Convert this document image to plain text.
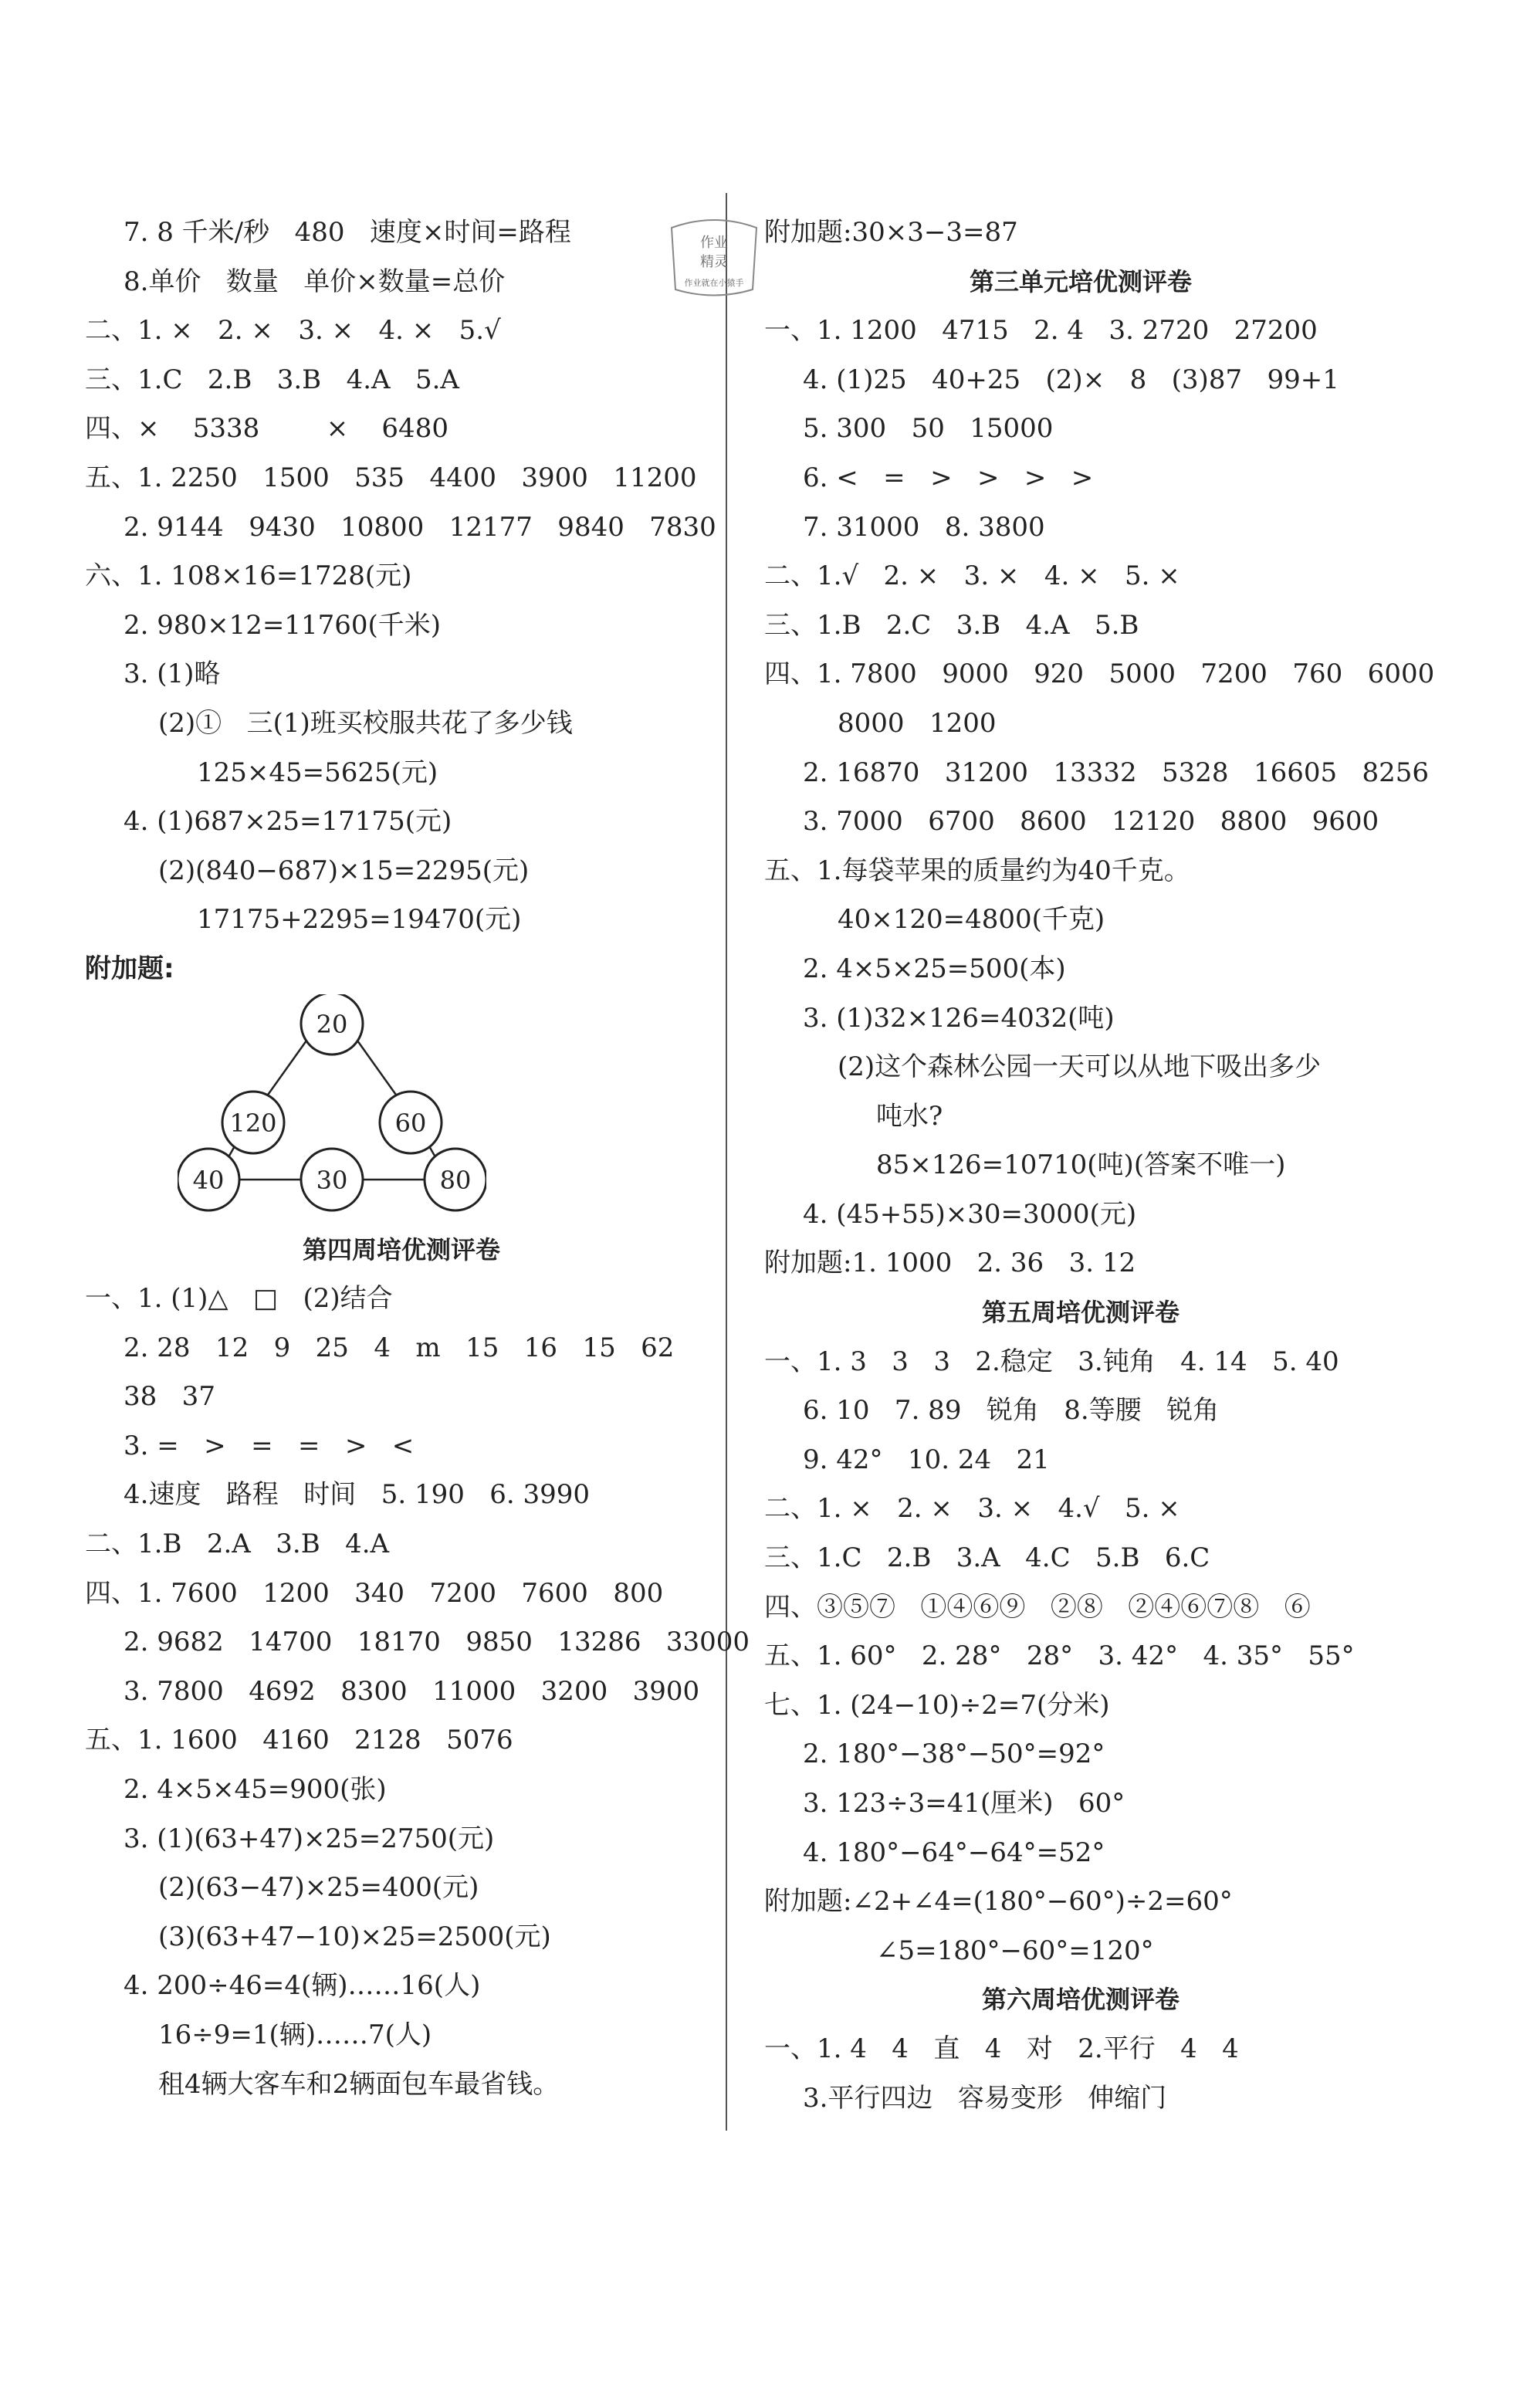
作业
精灵
作业就在小猿手
7. 8 千米/秒   480   速度×时间=路程
8.单价   数量   单价×数量=总价
二、1. ×   2. ×   3. ×   4. ×   5.√
三、1.C   2.B   3.B   4.A   5.A
四、×    5338        ×    6480
五、1. 2250   1500   535   4400   3900   11200
2. 9144   9430   10800   12177   9840   7830
六、1. 108×16=1728(元)
2. 980×12=11760(千米)
3. (1)略
(2)①   三(1)班买校服共花了多少钱
125×45=5625(元)
4. (1)687×25=17175(元)
(2)(840−687)×15=2295(元)
17175+2295=19470(元)
附加题:
20
120	60
40	30	80
第四周培优测评卷
一、1. (1)△   □   (2)结合
2. 28   12   9   25   4   m   15   16   15   62
38   37
3. =   >   =   =   >   <
4.速度   路程   时间   5. 190   6. 3990
二、1.B   2.A   3.B   4.A
四、1. 7600   1200   340   7200   7600   800
2. 9682   14700   18170   9850   13286   33000
3. 7800   4692   8300   11000   3200   3900
五、1. 1600   4160   2128   5076
2. 4×5×45=900(张)
3. (1)(63+47)×25=2750(元)
(2)(63−47)×25=400(元)
(3)(63+47−10)×25=2500(元)
4. 200÷46=4(辆)……16(人)
16÷9=1(辆)……7(人)
租4辆大客车和2辆面包车最省钱。
附加题:30×3−3=87
第三单元培优测评卷
一、1. 1200   4715   2. 4   3. 2720   27200
4. (1)25   40+25   (2)×   8   (3)87   99+1
5. 300   50   15000
6. <   =   >   >   >   >
7. 31000   8. 3800
二、1.√   2. ×   3. ×   4. ×   5. ×
三、1.B   2.C   3.B   4.A   5.B
四、1. 7800   9000   920   5000   7200   760   6000
8000   1200
2. 16870   31200   13332   5328   16605   8256
3. 7000   6700   8600   12120   8800   9600
五、1.每袋苹果的质量约为40千克。
40×120=4800(千克)
2. 4×5×25=500(本)
3. (1)32×126=4032(吨)
(2)这个森林公园一天可以从地下吸出多少
吨水?
85×126=10710(吨)(答案不唯一)
4. (45+55)×30=3000(元)
附加题:1. 1000   2. 36   3. 12
第五周培优测评卷
一、1. 3   3   3   2.稳定   3.钝角   4. 14   5. 40
6. 10   7. 89   锐角   8.等腰   锐角
9. 42°   10. 24   21
二、1. ×   2. ×   3. ×   4.√   5. ×
三、1.C   2.B   3.A   4.C   5.B   6.C
四、③⑤⑦   ①④⑥⑨   ②⑧   ②④⑥⑦⑧   ⑥
五、1. 60°   2. 28°   28°   3. 42°   4. 35°   55°
七、1. (24−10)÷2=7(分米)
2. 180°−38°−50°=92°
3. 123÷3=41(厘米)   60°
4. 180°−64°−64°=52°
附加题:∠2+∠4=(180°−60°)÷2=60°
∠5=180°−60°=120°
第六周培优测评卷
一、1. 4   4   直   4   对   2.平行   4   4
3.平行四边   容易变形   伸缩门
